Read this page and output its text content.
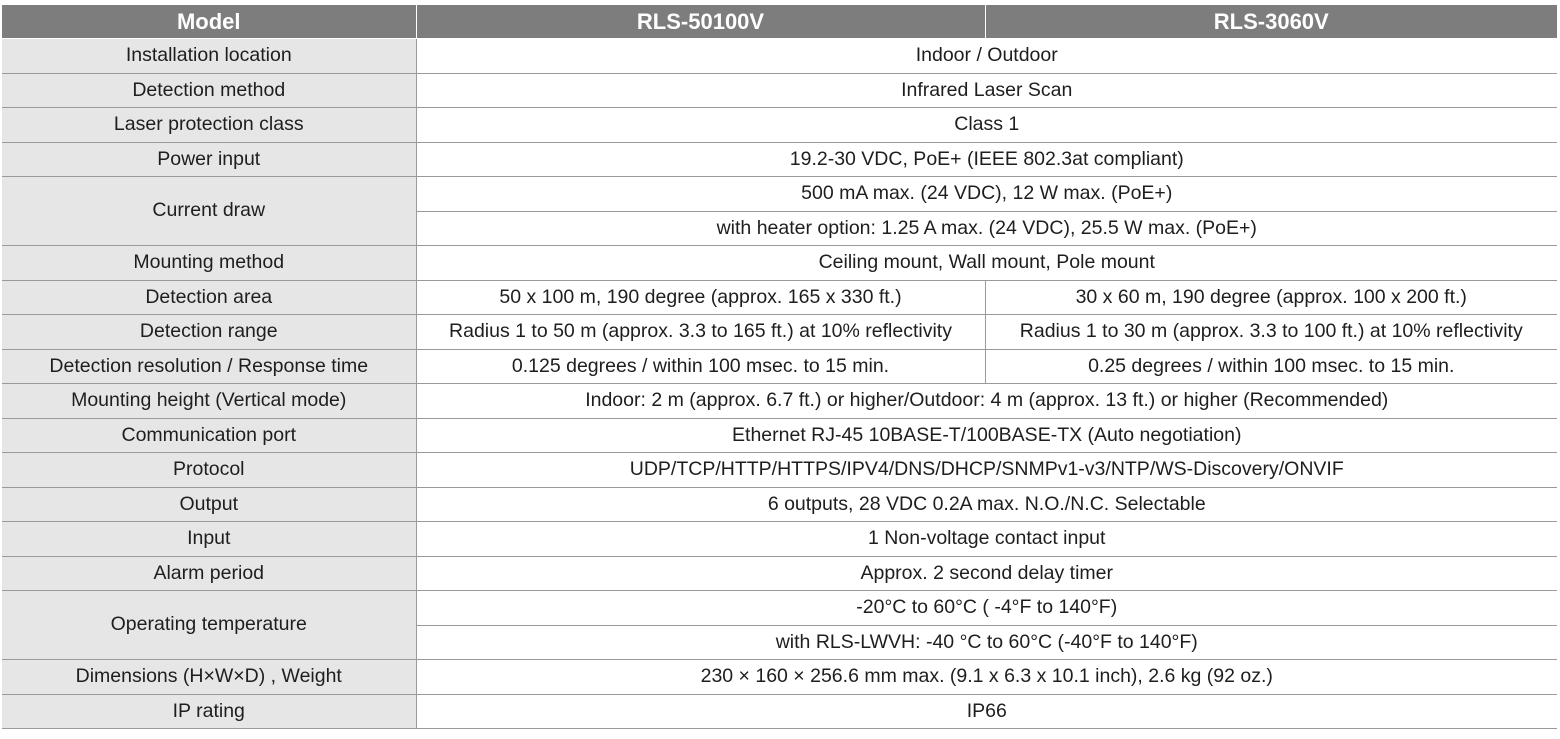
Model	RLS-50100V	RLS-3060V
Installation location	Indoor / Outdoor	
Detection method	Infrared Laser Scan	
Laser protection class	Class 1	
Power input	19.2-30 VDC, PoE+ (IEEE 802.3at compliant)	
Current draw	500 mA max. (24 VDC), 12 W max. (PoE+)	
	with heater option: 1.25 A max. (24 VDC), 25.5 W max. (PoE+)	
Mounting method	Ceiling mount, Wall mount, Pole mount	
Detection area	50 x 100 m, 190 degree (approx. 165 x 330 ft.)	30 x 60 m, 190 degree (approx. 100 x 200 ft.)
Detection range	Radius 1 to 50 m (approx. 3.3 to 165 ft.) at 10% reflectivity	Radius 1 to 30 m (approx. 3.3 to 100 ft.) at 10% reflectivity
Detection resolution / Response time	0.125 degrees / within 100 msec. to 15 min.	0.25 degrees / within 100 msec. to 15 min.
Mounting height (Vertical mode)	Indoor: 2 m (approx. 6.7 ft.) or higher/Outdoor: 4 m (approx. 13 ft.) or higher (Recommended)	
Communication port	Ethernet RJ-45 10BASE-T/100BASE-TX (Auto negotiation)	
Protocol	UDP/TCP/HTTP/HTTPS/IPV4/DNS/DHCP/SNMPv1-v3/NTP/WS-Discovery/ONVIF	
Output	6 outputs, 28 VDC 0.2A max. N.O./N.C. Selectable	
Input	1 Non-voltage contact input	
Alarm period	Approx. 2 second delay timer	
Operating temperature	-20°C to 60°C ( -4°F to 140°F)	
	with RLS-LWVH: -40 °C to 60°C (-40°F to 140°F)	
Dimensions (H×W×D) , Weight	230 × 160 × 256.6 mm max. (9.1 x 6.3 x 10.1 inch), 2.6 kg (92 oz.)	
IP rating	IP66	
